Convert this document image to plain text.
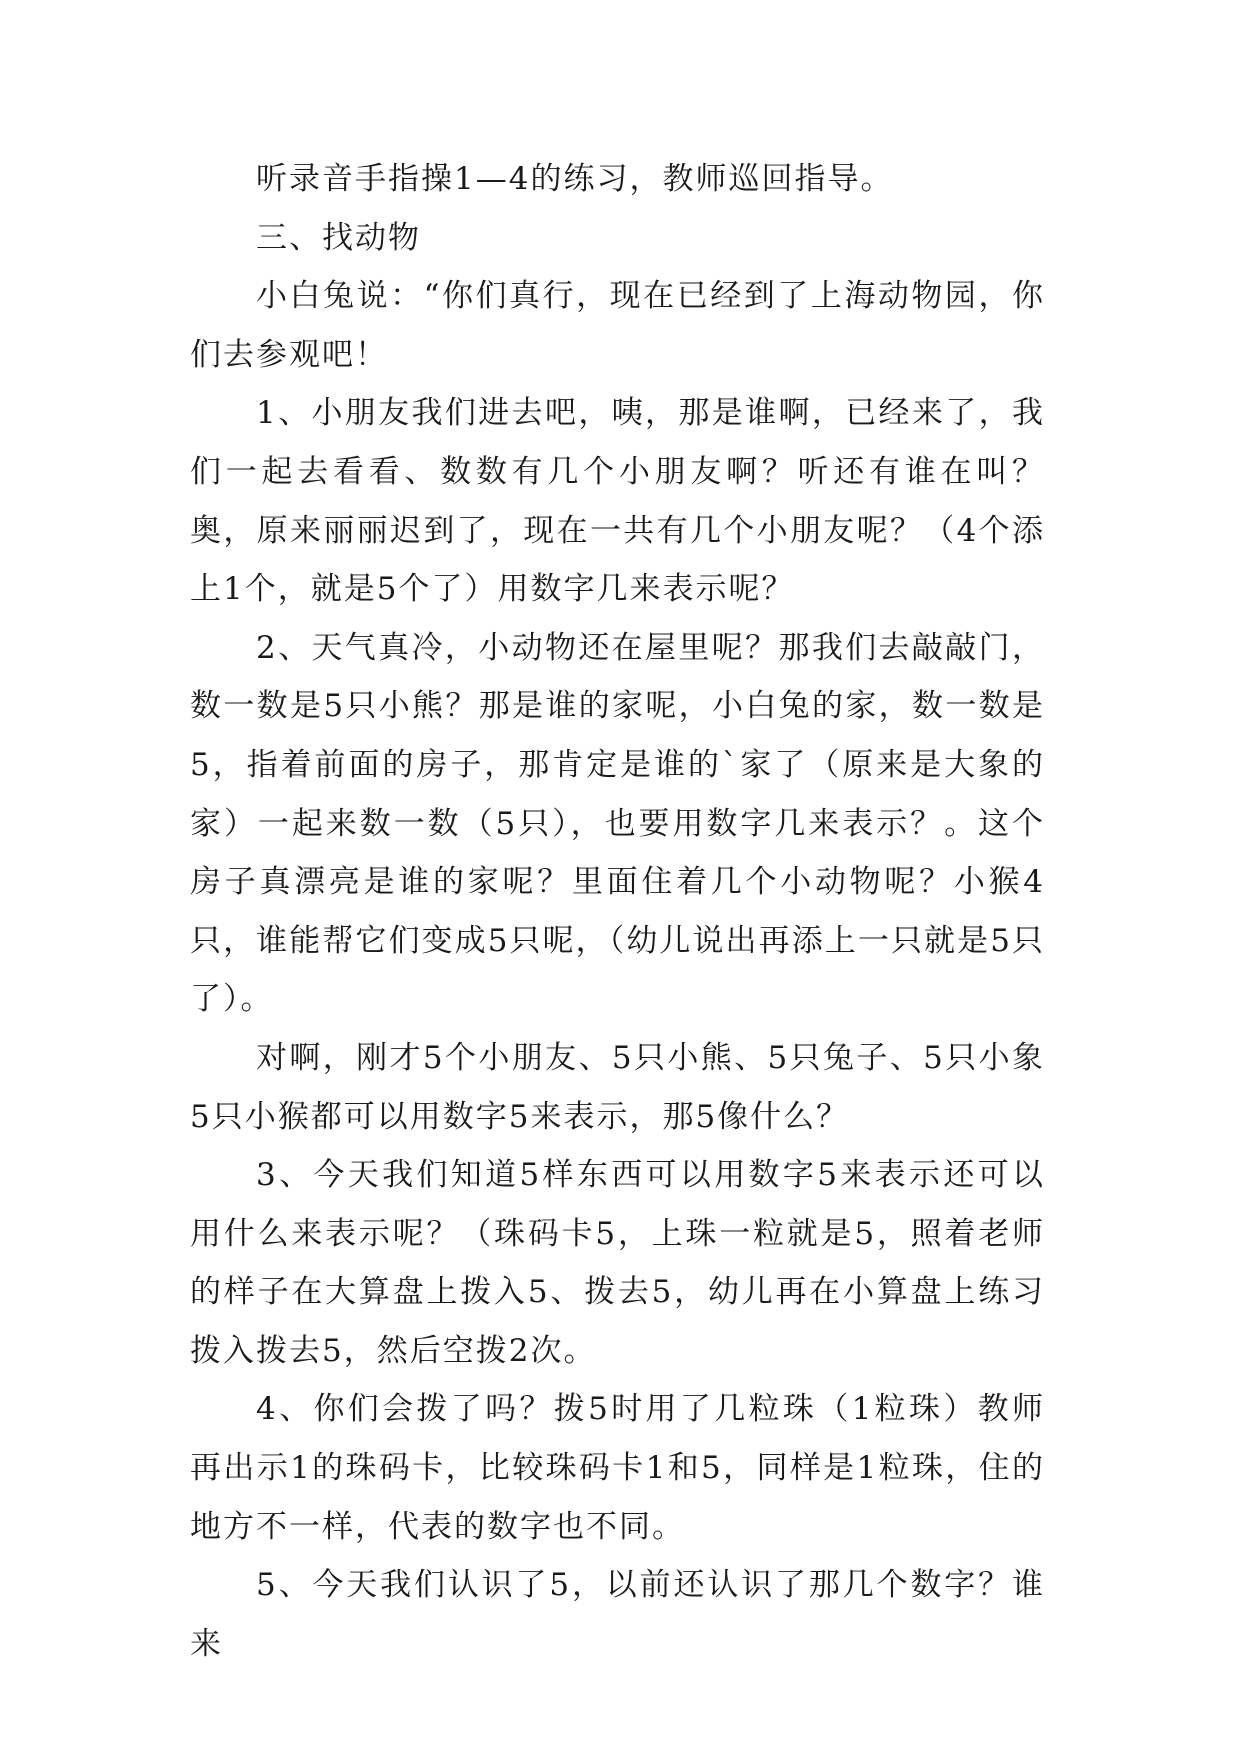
听录音手指操1—4的练习，教师巡回指导。

三、找动物

小白兔说：“你们真行，现在已经到了上海动物园，你们去参观吧！

1、小朋友我们进去吧，咦，那是谁啊，已经来了，我们一起去看看、数数有几个小朋友啊？听还有谁在叫？奥，原来丽丽迟到了，现在一共有几个小朋友呢？（4个添上1个，就是5个了）用数字几来表示呢？

2、天气真冷，小动物还在屋里呢？那我们去敲敲门，数一数是5只小熊？那是谁的家呢，小白兔的家，数一数是5，指着前面的房子，那肯定是谁的`家了（原来是大象的家）一起来数一数（5只），也要用数字几来表示？。这个房子真漂亮是谁的家呢？里面住着几个小动物呢？小猴4只，谁能帮它们变成5只呢，（幼儿说出再添上一只就是5只了）。

对啊，刚才5个小朋友、5只小熊、5只兔子、5只小象5只小猴都可以用数字5来表示，那5像什么？

3、今天我们知道5样东西可以用数字5来表示还可以用什么来表示呢？（珠码卡5，上珠一粒就是5，照着老师的样子在大算盘上拨入5、拨去5，幼儿再在小算盘上练习拨入拨去5，然后空拨2次。

4、你们会拨了吗？拨5时用了几粒珠（1粒珠）教师再出示1的珠码卡，比较珠码卡1和5，同样是1粒珠，住的地方不一样，代表的数字也不同。

5、今天我们认识了5，以前还认识了那几个数字？谁来
